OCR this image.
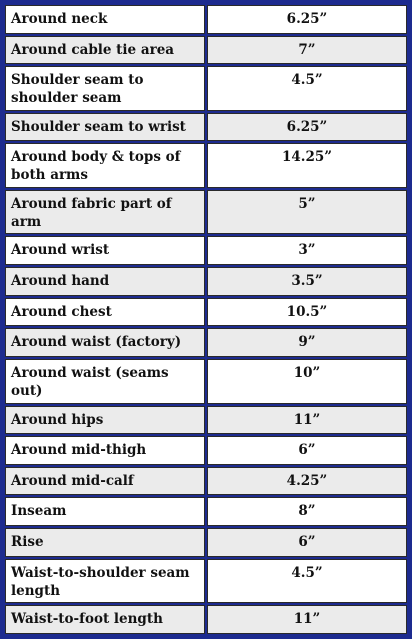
Around neck	6.25”
Around cable tie area	7”
Shoulder seam to shoulder seam	4.5”
Shoulder seam to wrist	6.25”
Around body & tops of both arms	14.25”
Around fabric part of arm	5”
Around wrist	3”
Around hand	3.5”
Around chest	10.5”
Around waist (factory)	9”
Around waist (seams out)	10”
Around hips	11”
Around mid-thigh	6”
Around mid-calf	4.25”
Inseam	8”
Rise	6”
Waist-to-shoulder seam length	4.5”
Waist-to-foot length	11”
